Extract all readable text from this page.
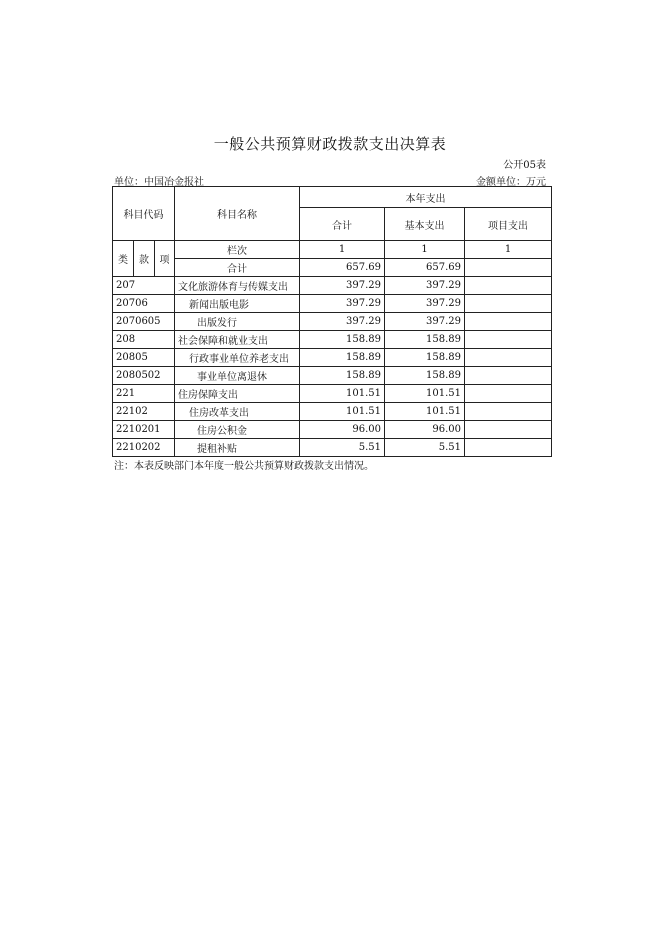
一般公共预算财政拨款支出决算表
公开05表
单位：中国冶金报社	金额单位：万元
科目代码			科目名称	本年支出		
				合计	基本支出	项目支出
类	款	项	栏次	1	1	1
			合计	657.69	657.69	
207			文化旅游体育与传媒支出	397.29	397.29	
20706			新闻出版电影	397.29	397.29	
2070605			出版发行	397.29	397.29	
208			社会保障和就业支出	158.89	158.89	
20805			行政事业单位养老支出	158.89	158.89	
2080502			事业单位离退休	158.89	158.89	
221			住房保障支出	101.51	101.51	
22102			住房改革支出	101.51	101.51	
2210201			住房公积金	96.00	96.00	
2210202			提租补贴	5.51	5.51	
注：本表反映部门本年度一般公共预算财政拨款支出情况。
